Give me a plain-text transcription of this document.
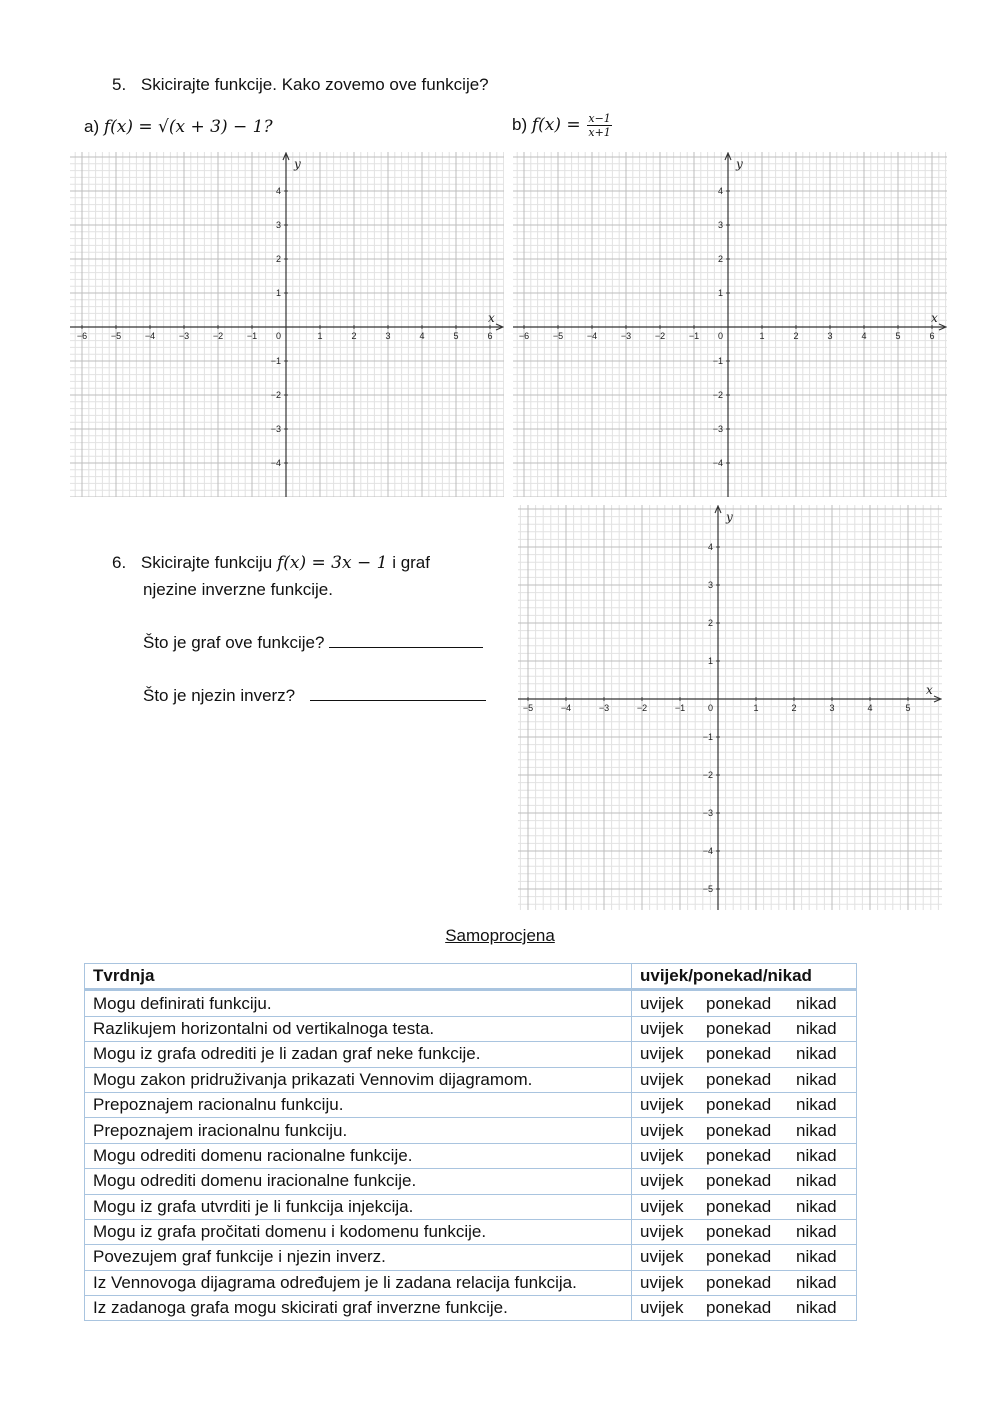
5. Skicirajte funkcije. Kako zovemo ove funkcije?
a) f(x) = √(x + 3) − 1?	b) $f(x) = \frac{x-1}{x+1}$
x
y
−6	−5	−4	−3	−2	−1 0	1	2	3	4	5	6
−4
−3
−2
−1
1
2
3
4
x
y
−6	−5	−4	−3	−2	−1 0	1	2	3	4	5	6
−4
−3
−2
−1
1
2
3
4
6. Skicirajte funkciju f(x) = 3x − 1 i graf
njezine inverzne funkcije.
Što je graf ove funkcije?
Što je njezin inverz?	x
y
−5	−4	−3	−2	−1	0	1	2	3	4	5
−5
−4
−3
−2
−1
1
2
3
4
Samoprocjena
Tvrdnja	uvijek/ponekad/nikad
Mogu definirati funkciju.	uvijek ponekad nikad
Razlikujem horizontalni od vertikalnoga testa.	uvijek ponekad nikad
Mogu iz grafa odrediti je li zadan graf neke funkcije.	uvijek ponekad nikad
Mogu zakon pridruživanja prikazati Vennovim dijagramom.	uvijek ponekad nikad
Prepoznajem racionalnu funkciju.	uvijek ponekad nikad
Prepoznajem iracionalnu funkciju.	uvijek ponekad nikad
Mogu odrediti domenu racionalne funkcije.	uvijek ponekad nikad
Mogu odrediti domenu iracionalne funkcije.	uvijek ponekad nikad
Mogu iz grafa utvrditi je li funkcija injekcija.	uvijek ponekad nikad
Mogu iz grafa pročitati domenu i kodomenu funkcije.	uvijek ponekad nikad
Povezujem graf funkcije i njezin inverz.	uvijek ponekad nikad
Iz Vennovoga dijagrama određujem je li zadana relacija funkcija.	uvijek ponekad nikad
Iz zadanoga grafa mogu skicirati graf inverzne funkcije.	uvijek ponekad nikad
